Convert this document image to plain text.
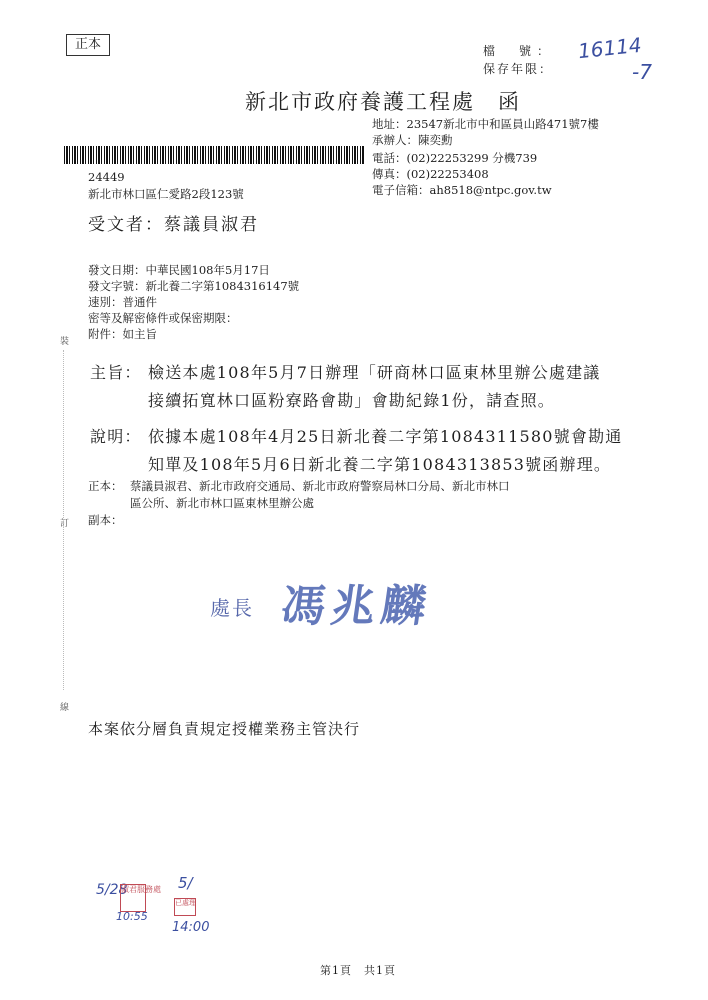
正本	檔　號：
保存年限：
16114
-7
新北市政府養護工程處　函
地址：23547新北市中和區員山路471號7樓
承辦人：陳奕勳
電話：(02)22253299 分機739
傳真：(02)22253408
電子信箱：ah8518@ntpc.gov.tw
24449
新北市林口區仁愛路2段123號
受文者：蔡議員淑君
發文日期：中華民國108年5月17日
發文字號：新北養二字第1084316147號
速別：普通件
密等及解密條件或保密期限：
附件：如主旨
裝
訂
線
主旨： 檢送本處108年5月7日辦理「研商林口區東林里辦公處建議
接續拓寬林口區粉寮路會勘」會勘紀錄1份，請查照。
說明： 依據本處108年4月25日新北養二字第1084311580號會勘通
知單及108年5月6日新北養二字第1084313853號函辦理。
正本： 蔡議員淑君、新北市政府交通局、新北市政府警察局林口分局、新北市林口
區公所、新北市林口區東林里辦公處
副本：
處長 馮兆麟
本案依分層負責規定授權業務主管決行
5/28
淑君服務處
10:55
5/
已處理
14:00
第1頁　共1頁
